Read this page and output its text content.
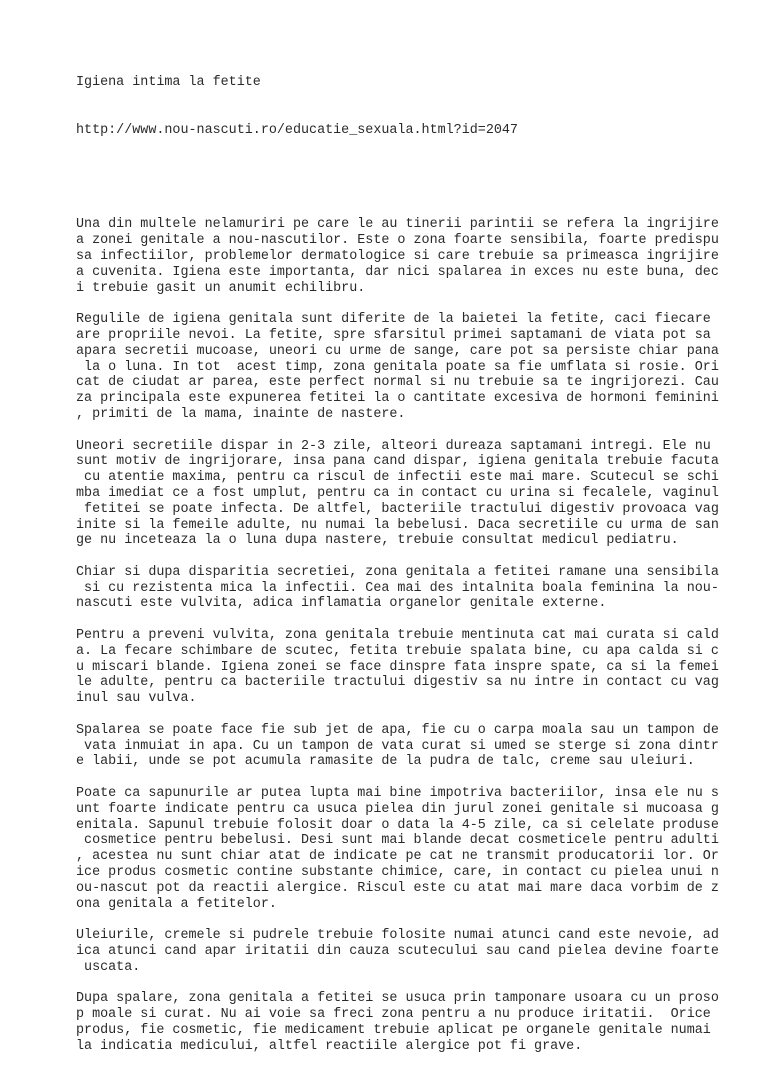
Igiena intima la fetite

http://www.nou-nascuti.ro/educatie_sexuala.html?id=2047

Una din multele nelamuriri pe care le au tinerii parintii se refera la ingrijire
a zonei genitale a nou-nascutilor. Este o zona foarte sensibila, foarte predispu
sa infectiilor, problemelor dermatologice si care trebuie sa primeasca ingrijire
a cuvenita. Igiena este importanta, dar nici spalarea in exces nu este buna, dec
i trebuie gasit un anumit echilibru.
Regulile de igiena genitala sunt diferite de la baietei la fetite, caci fiecare
are propriile nevoi. La fetite, spre sfarsitul primei saptamani de viata pot sa
apara secretii mucoase, uneori cu urme de sange, care pot sa persiste chiar pana
la o luna. In tot  acest timp, zona genitala poate sa fie umflata si rosie. Ori
cat de ciudat ar parea, este perfect normal si nu trebuie sa te ingrijorezi. Cau
za principala este expunerea fetitei la o cantitate excesiva de hormoni feminini
, primiti de la mama, inainte de nastere.
Uneori secretiile dispar in 2-3 zile, alteori dureaza saptamani intregi. Ele nu
sunt motiv de ingrijorare, insa pana cand dispar, igiena genitala trebuie facuta
cu atentie maxima, pentru ca riscul de infectii este mai mare. Scutecul se schi
mba imediat ce a fost umplut, pentru ca in contact cu urina si fecalele, vaginul
fetitei se poate infecta. De altfel, bacteriile tractului digestiv provoaca vag
inite si la femeile adulte, nu numai la bebelusi. Daca secretiile cu urma de san
ge nu inceteaza la o luna dupa nastere, trebuie consultat medicul pediatru.
Chiar si dupa disparitia secretiei, zona genitala a fetitei ramane una sensibila
si cu rezistenta mica la infectii. Cea mai des intalnita boala feminina la nou-
nascuti este vulvita, adica inflamatia organelor genitale externe.
Pentru a preveni vulvita, zona genitala trebuie mentinuta cat mai curata si cald
a. La fecare schimbare de scutec, fetita trebuie spalata bine, cu apa calda si c
u miscari blande. Igiena zonei se face dinspre fata inspre spate, ca si la femei
le adulte, pentru ca bacteriile tractului digestiv sa nu intre in contact cu vag
inul sau vulva.
Spalarea se poate face fie sub jet de apa, fie cu o carpa moala sau un tampon de
vata inmuiat in apa. Cu un tampon de vata curat si umed se sterge si zona dintr
e labii, unde se pot acumula ramasite de la pudra de talc, creme sau uleiuri.
Poate ca sapunurile ar putea lupta mai bine impotriva bacteriilor, insa ele nu s
unt foarte indicate pentru ca usuca pielea din jurul zonei genitale si mucoasa g
enitala. Sapunul trebuie folosit doar o data la 4-5 zile, ca si celelate produse
cosmetice pentru bebelusi. Desi sunt mai blande decat cosmeticele pentru adulti
, acestea nu sunt chiar atat de indicate pe cat ne transmit producatorii lor. Or
ice produs cosmetic contine substante chimice, care, in contact cu pielea unui n
ou-nascut pot da reactii alergice. Riscul este cu atat mai mare daca vorbim de z
ona genitala a fetitelor.
Uleiurile, cremele si pudrele trebuie folosite numai atunci cand este nevoie, ad
ica atunci cand apar iritatii din cauza scutecului sau cand pielea devine foarte
uscata.
Dupa spalare, zona genitala a fetitei se usuca prin tamponare usoara cu un proso
p moale si curat. Nu ai voie sa freci zona pentru a nu produce iritatii.  Orice
produs, fie cosmetic, fie medicament trebuie aplicat pe organele genitale numai
la indicatia medicului, altfel reactiile alergice pot fi grave.
